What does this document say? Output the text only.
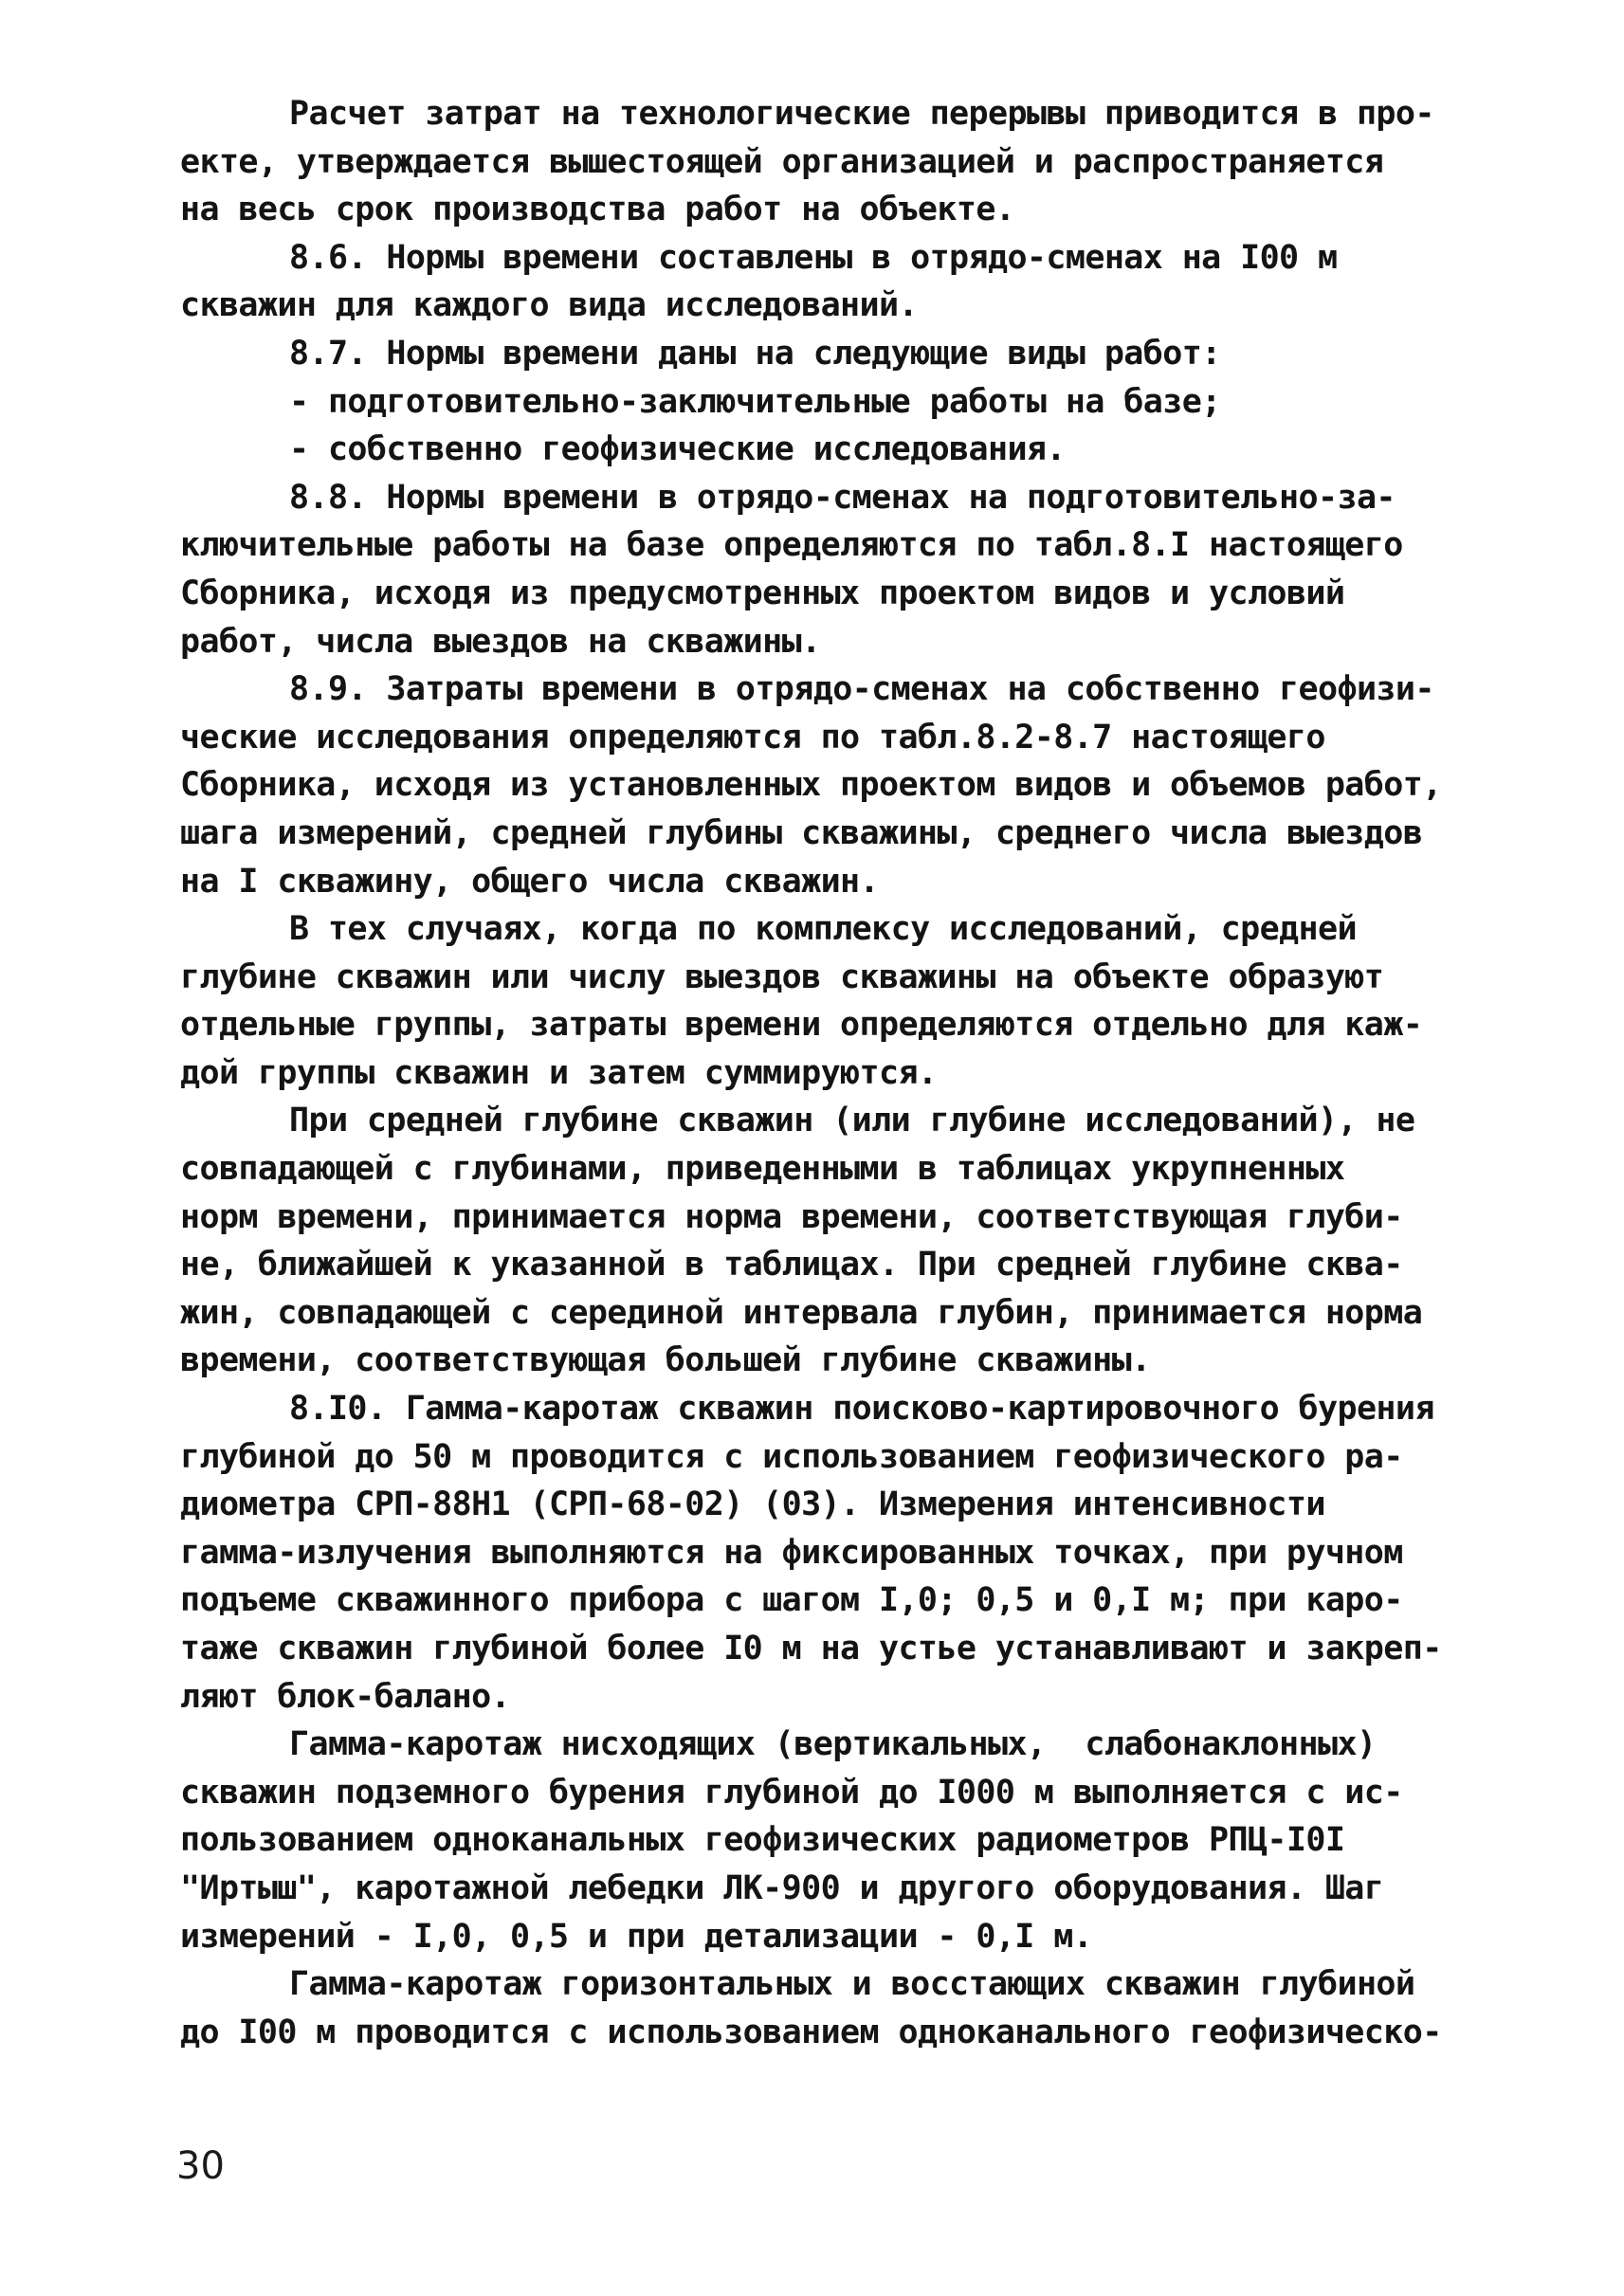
Расчет затрат на технологические перерывы приводится в про-
екте, утверждается вышестоящей организацией и распространяется
на весь срок производства работ на объекте.
8.6. Нормы времени составлены в отрядо-сменах на I00 м
скважин для каждого вида исследований.
8.7. Нормы времени даны на следующие виды работ:
- подготовительно-заключительные работы на базе;
- собственно геофизические исследования.
8.8. Нормы времени в отрядо-сменах на подготовительно-за-
ключительные работы на базе определяются по табл.8.I настоящего
Сборника, исходя из предусмотренных проектом видов и условий
работ, числа выездов на скважины.
8.9. Затраты времени в отрядо-сменах на собственно геофизи-
ческие исследования определяются по табл.8.2-8.7 настоящего
Сборника, исходя из установленных проектом видов и объемов работ,
шага измерений, средней глубины скважины, среднего числа выездов
на I скважину, общего числа скважин.
В тех случаях, когда по комплексу исследований, средней
глубине скважин или числу выездов скважины на объекте образуют
отдельные группы, затраты времени определяются отдельно для каж-
дой группы скважин и затем суммируются.
При средней глубине скважин (или глубине исследований), не
совпадающей с глубинами, приведенными в таблицах укрупненных
норм времени, принимается норма времени, соответствующая глуби-
не, ближайшей к указанной в таблицах. При средней глубине сква-
жин, совпадающей с серединой интервала глубин, принимается норма
времени, соответствующая большей глубине скважины.
8.I0. Гамма-каротаж скважин поисково-картировочного бурения
глубиной до 50 м проводится с использованием геофизического ра-
диометра СРП-88Н1 (СРП-68-02) (03). Измерения интенсивности
гамма-излучения выполняются на фиксированных точках, при ручном
подъеме скважинного прибора с шагом I,0; 0,5 и 0,I м; при каро-
таже скважин глубиной более I0 м на устье устанавливают и закреп-
ляют блок-балано.
Гамма-каротаж нисходящих (вертикальных,  слабонаклонных)
скважин подземного бурения глубиной до I000 м выполняется с ис-
пользованием одноканальных геофизических радиометров РПЦ-I0I
"Иртыш", каротажной лебедки ЛК-900 и другого оборудования. Шаг
измерений - I,0, 0,5 и при детализации - 0,I м.
Гамма-каротаж горизонтальных и восстающих скважин глубиной
до I00 м проводится с использованием одноканального геофизическо-
30
